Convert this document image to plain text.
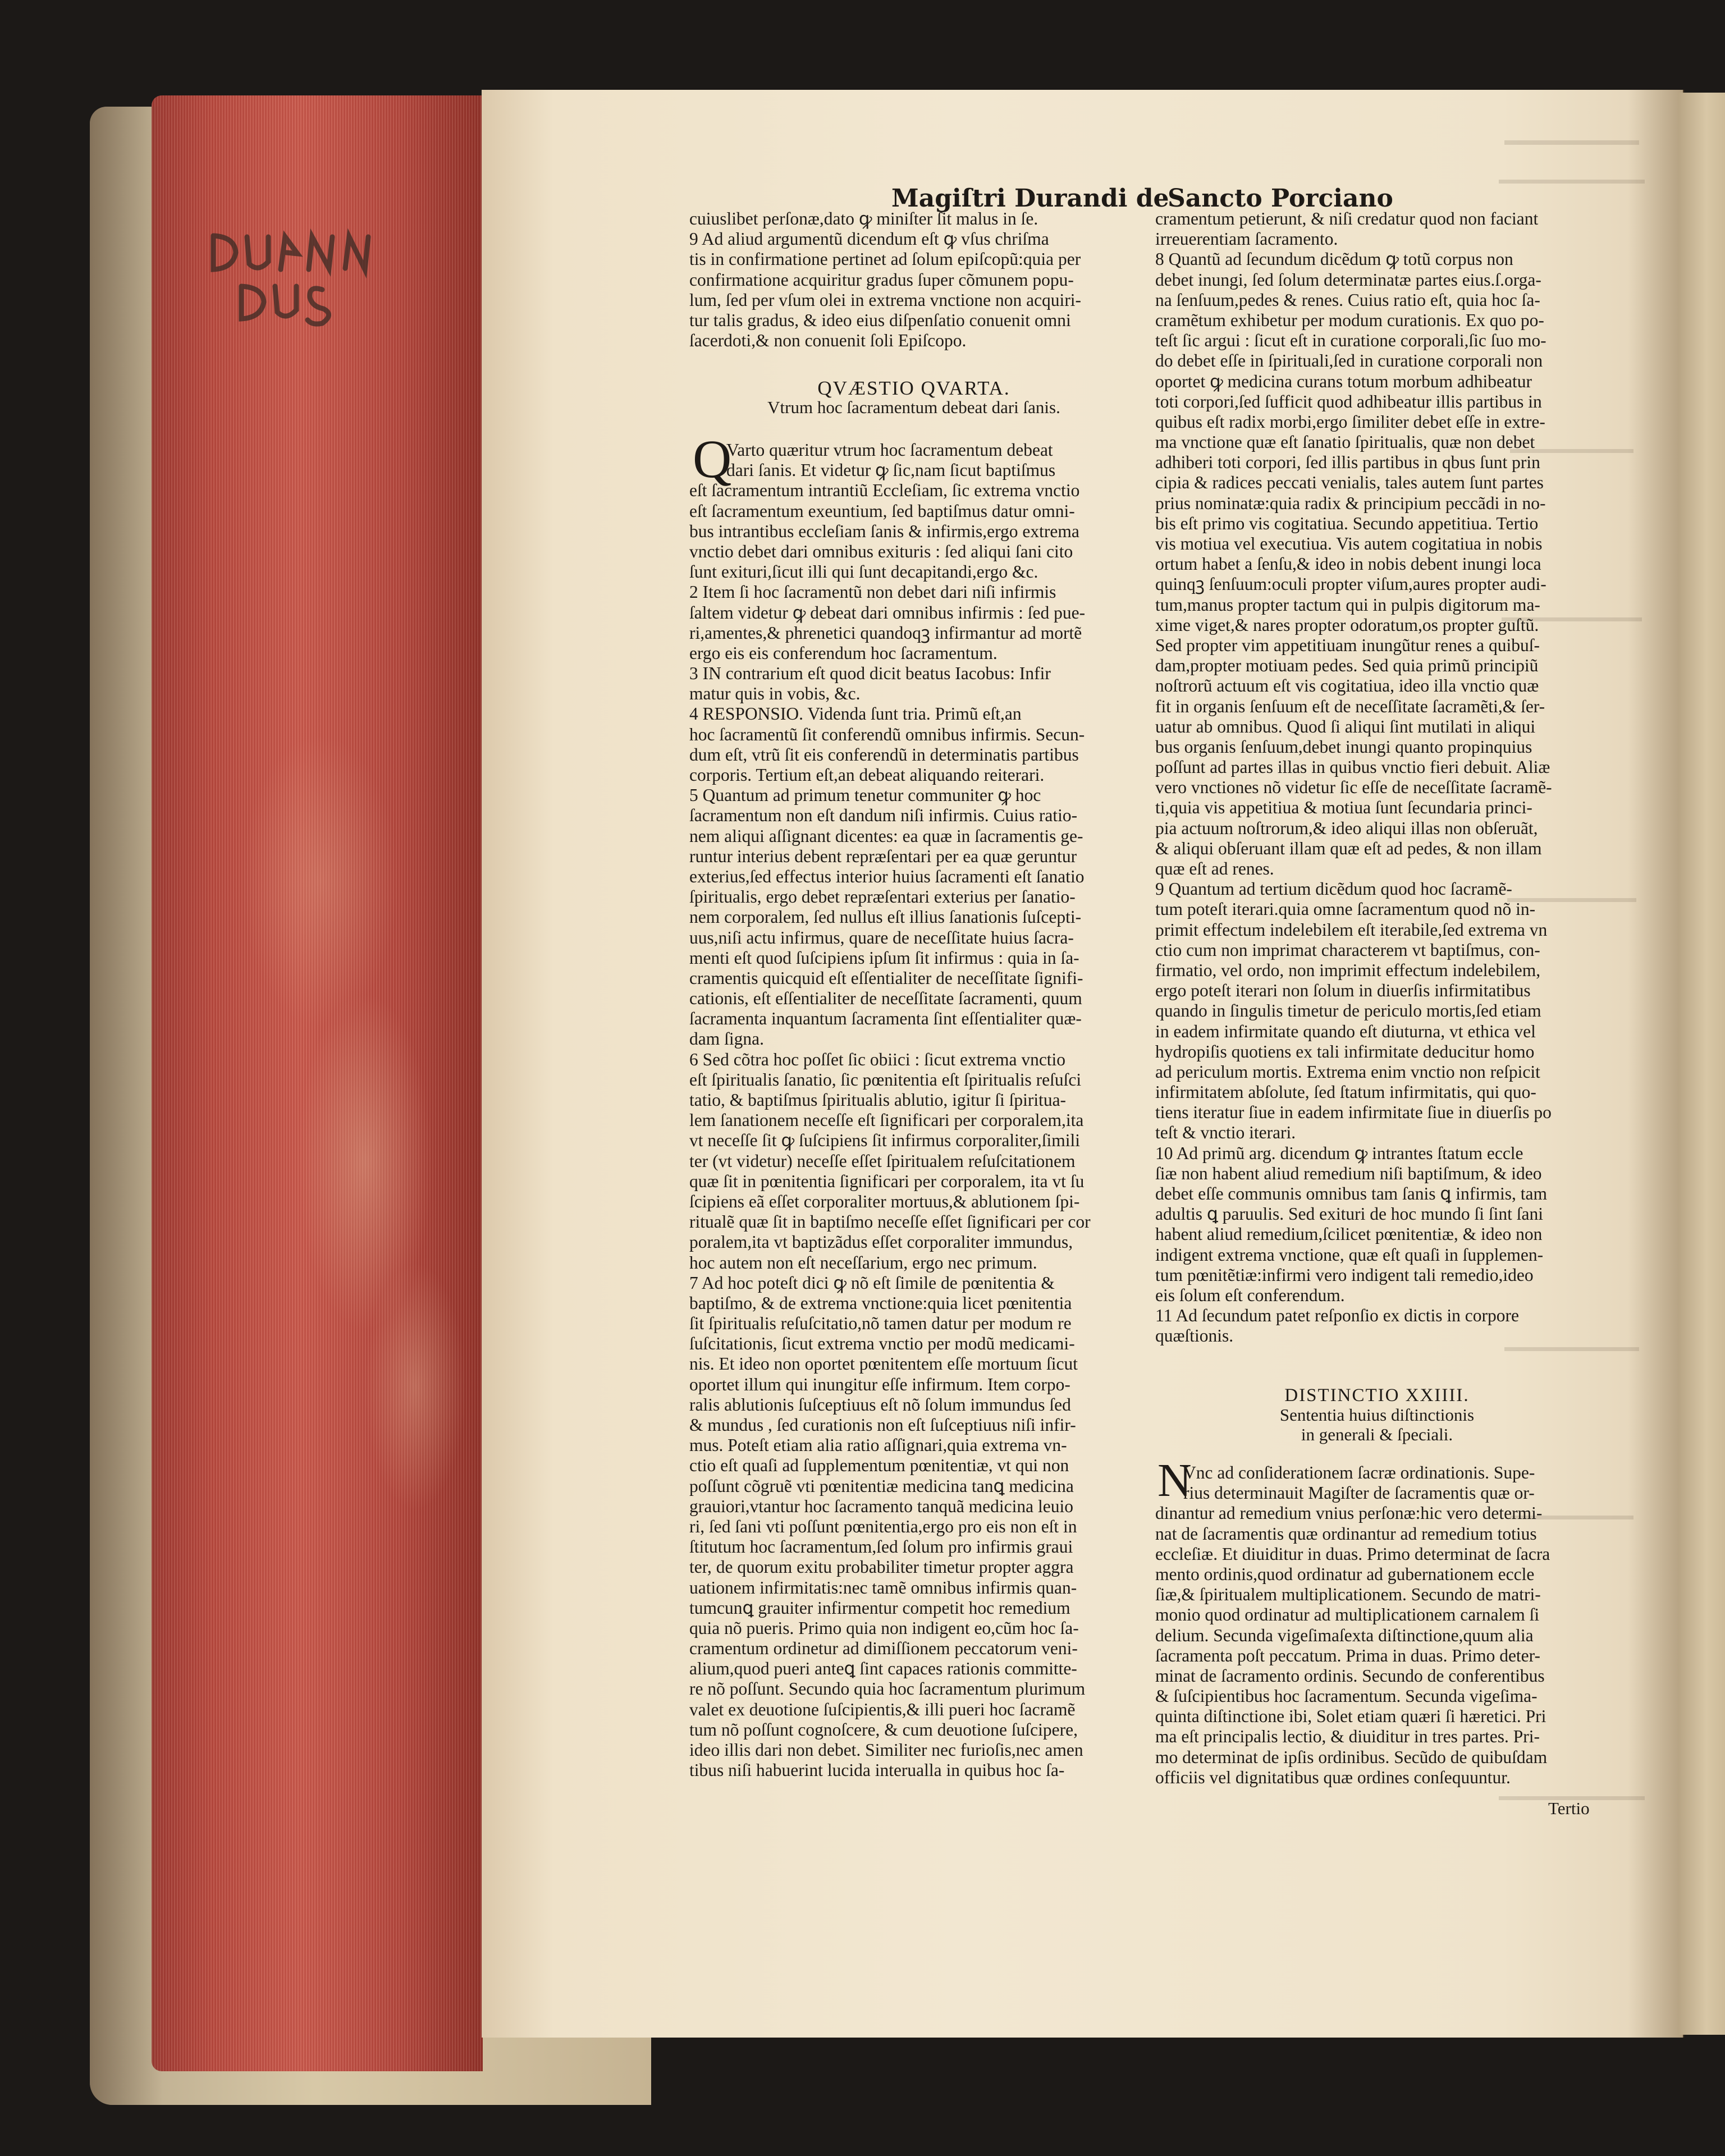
Magiſtri Durandi de
Sancto Porciano
cuiuslibet perſonæ,dato ꝙ miniſter ſit malus in ſe.
9 Ad aliud argumentũ dicendum eſt ꝙ vſus chriſma
tis in confirmatione pertinet ad ſolum epiſcopũ:quia per
confirmatione acquiritur gradus ſuper cõmunem popu-
lum, ſed per vſum olei in extrema vnctione non acquiri-
tur talis gradus, & ideo eius diſpenſatio conuenit omni
ſacerdoti,& non conuenit ſoli Epiſcopo.
QVÆSTIO QVARTA.
Vtrum hoc ſacramentum debeat dari ſanis.
Q
Varto quæritur vtrum hoc ſacramentum debeat
dari ſanis. Et videtur ꝙ ſic,nam ſicut baptiſmus
eſt ſacramentum intrantiũ Eccleſiam, ſic extrema vnctio
eſt ſacramentum exeuntium, ſed baptiſmus datur omni-
bus intrantibus eccleſiam ſanis & infirmis,ergo extrema
vnctio debet dari omnibus exituris : ſed aliqui ſani cito
ſunt exituri,ſicut illi qui ſunt decapitandi,ergo &c.
2 Item ſi hoc ſacramentũ non debet dari niſi infirmis
ſaltem videtur ꝙ debeat dari omnibus infirmis : ſed pue-
ri,amentes,& phrenetici quandoqꝫ infirmantur ad mortẽ
ergo eis eis conferendum hoc ſacramentum.
3 IN contrarium eſt quod dicit beatus Iacobus: Infir
matur quis in vobis, &c.
4 RESPONSIO. Videnda ſunt tria. Primũ eſt,an
hoc ſacramentũ ſit conferendũ omnibus infirmis. Secun-
dum eſt, vtrũ ſit eis conferendũ in determinatis partibus
corporis. Tertium eſt,an debeat aliquando reiterari.
5 Quantum ad primum tenetur communiter ꝙ hoc
ſacramentum non eſt dandum niſi infirmis. Cuius ratio-
nem aliqui aſſignant dicentes: ea quæ in ſacramentis ge-
runtur interius debent repræſentari per ea quæ geruntur
exterius,ſed effectus interior huius ſacramenti eſt ſanatio
ſpiritualis, ergo debet repræſentari exterius per ſanatio-
nem corporalem, ſed nullus eſt illius ſanationis ſuſcepti-
uus,niſi actu infirmus, quare de neceſſitate huius ſacra-
menti eſt quod ſuſcipiens ipſum ſit infirmus : quia in ſa-
cramentis quicquid eſt eſſentialiter de neceſſitate ſignifi-
cationis, eſt eſſentialiter de neceſſitate ſacramenti, quum
ſacramenta inquantum ſacramenta ſint eſſentialiter quæ-
dam ſigna.
6 Sed cõtra hoc poſſet ſic obiici : ſicut extrema vnctio
eſt ſpiritualis ſanatio, ſic pœnitentia eſt ſpiritualis reſuſci
tatio, & baptiſmus ſpiritualis ablutio, igitur ſi ſpiritua-
lem ſanationem neceſſe eſt ſignificari per corporalem,ita
vt neceſſe ſit ꝙ ſuſcipiens ſit infirmus corporaliter,ſimili
ter (vt videtur) neceſſe eſſet ſpiritualem reſuſcitationem
quæ ſit in pœnitentia ſignificari per corporalem, ita vt ſu
ſcipiens eã eſſet corporaliter mortuus,& ablutionem ſpi-
ritualẽ quæ ſit in baptiſmo neceſſe eſſet ſignificari per cor
poralem,ita vt baptizãdus eſſet corporaliter immundus,
hoc autem non eſt neceſſarium, ergo nec primum.
7 Ad hoc poteſt dici ꝙ nõ eſt ſimile de pœnitentia &
baptiſmo, & de extrema vnctione:quia licet pœnitentia
ſit ſpiritualis reſuſcitatio,nõ tamen datur per modum re
ſuſcitationis, ſicut extrema vnctio per modũ medicami-
nis. Et ideo non oportet pœnitentem eſſe mortuum ſicut
oportet illum qui inungitur eſſe infirmum. Item corpo-
ralis ablutionis ſuſceptiuus eſt nõ ſolum immundus ſed
& mundus , ſed curationis non eſt ſuſceptiuus niſi infir-
mus. Poteſt etiam alia ratio aſſignari,quia extrema vn-
ctio eſt quaſi ad ſupplementum pœnitentiæ, vt qui non
poſſunt cõgruẽ vti pœnitentiæ medicina tanꝗ medicina
grauiori,vtantur hoc ſacramento tanquã medicina leuio
ri, ſed ſani vti poſſunt pœnitentia,ergo pro eis non eſt in
ſtitutum hoc ſacramentum,ſed ſolum pro infirmis graui
ter, de quorum exitu probabiliter timetur propter aggra
uationem infirmitatis:nec tamẽ omnibus infirmis quan-
tumcunꝗ grauiter infirmentur competit hoc remedium
quia nõ pueris. Primo quia non indigent eo,cũm hoc ſa-
cramentum ordinetur ad dimiſſionem peccatorum veni-
alium,quod pueri anteꝗ ſint capaces rationis committe-
re nõ poſſunt. Secundo quia hoc ſacramentum plurimum
valet ex deuotione ſuſcipientis,& illi pueri hoc ſacramẽ
tum nõ poſſunt cognoſcere, & cum deuotione ſuſcipere,
ideo illis dari non debet. Similiter nec furioſis,nec amen
tibus niſi habuerint lucida interualla in quibus hoc ſa-
cramentum petierunt, & niſi credatur quod non faciant
irreuerentiam ſacramento.
8 Quantũ ad ſecundum dicẽdum ꝙ totũ corpus non
debet inungi, ſed ſolum determinatæ partes eius.ſ.orga-
na ſenſuum,pedes & renes. Cuius ratio eſt, quia hoc ſa-
cramẽtum exhibetur per modum curationis. Ex quo po-
teſt ſic argui : ſicut eſt in curatione corporali,ſic ſuo mo-
do debet eſſe in ſpirituali,ſed in curatione corporali non
oportet ꝙ medicina curans totum morbum adhibeatur
toti corpori,ſed ſufficit quod adhibeatur illis partibus in
quibus eſt radix morbi,ergo ſimiliter debet eſſe in extre-
ma vnctione quæ eſt ſanatio ſpiritualis, quæ non debet
adhiberi toti corpori, ſed illis partibus in qbus ſunt prin
cipia & radices peccati venialis, tales autem ſunt partes
prius nominatæ:quia radix & principium peccãdi in no-
bis eſt primo vis cogitatiua. Secundo appetitiua. Tertio
vis motiua vel executiua. Vis autem cogitatiua in nobis
ortum habet a ſenſu,& ideo in nobis debent inungi loca
quinqꝫ ſenſuum:oculi propter viſum,aures propter audi-
tum,manus propter tactum qui in pulpis digitorum ma-
xime viget,& nares propter odoratum,os propter guſtũ.
Sed propter vim appetitiuam inungũtur renes a quibuſ-
dam,propter motiuam pedes. Sed quia primũ principiũ
noſtrorũ actuum eſt vis cogitatiua, ideo illa vnctio quæ
fit in organis ſenſuum eſt de neceſſitate ſacramẽti,& ſer-
uatur ab omnibus. Quod ſi aliqui ſint mutilati in aliqui
bus organis ſenſuum,debet inungi quanto propinquius
poſſunt ad partes illas in quibus vnctio fieri debuit. Aliæ
vero vnctiones nõ videtur ſic eſſe de neceſſitate ſacramẽ-
ti,quia vis appetitiua & motiua ſunt ſecundaria princi-
pia actuum noſtrorum,& ideo aliqui illas non obſeruãt,
& aliqui obſeruant illam quæ eſt ad pedes, & non illam
quæ eſt ad renes.
9 Quantum ad tertium dicẽdum quod hoc ſacramẽ-
tum poteſt iterari.quia omne ſacramentum quod nõ in-
primit effectum indelebilem eſt iterabile,ſed extrema vn
ctio cum non imprimat characterem vt baptiſmus, con-
firmatio, vel ordo, non imprimit effectum indelebilem,
ergo poteſt iterari non ſolum in diuerſis infirmitatibus
quando in ſingulis timetur de periculo mortis,ſed etiam
in eadem infirmitate quando eſt diuturna, vt ethica vel
hydropiſis quotiens ex tali infirmitate deducitur homo
ad periculum mortis. Extrema enim vnctio non reſpicit
infirmitatem abſolute, ſed ſtatum infirmitatis, qui quo-
tiens iteratur ſiue in eadem infirmitate ſiue in diuerſis po
teſt & vnctio iterari.
10 Ad primũ arg. dicendum ꝙ intrantes ſtatum eccle
ſiæ non habent aliud remedium niſi baptiſmum, & ideo
debet eſſe communis omnibus tam ſanis ꝗ infirmis, tam
adultis ꝗ paruulis. Sed exituri de hoc mundo ſi ſint ſani
habent aliud remedium,ſcilicet pœnitentiæ, & ideo non
indigent extrema vnctione, quæ eſt quaſi in ſupplemen-
tum pœnitẽtiæ:infirmi vero indigent tali remedio,ideo
eis ſolum eſt conferendum.
11 Ad ſecundum patet reſponſio ex dictis in corpore
quæſtionis.
DISTINCTIO XXIIII.
Sententia huius diſtinctionis
in generali & ſpeciali.
N
Vnc ad conſiderationem ſacræ ordinationis. Supe-
rius determinauit Magiſter de ſacramentis quæ or-
dinantur ad remedium vnius perſonæ:hic vero determi-
nat de ſacramentis quæ ordinantur ad remedium totius
eccleſiæ. Et diuiditur in duas. Primo determinat de ſacra
mento ordinis,quod ordinatur ad gubernationem eccle
ſiæ,& ſpiritualem multiplicationem. Secundo de matri-
monio quod ordinatur ad multiplicationem carnalem ſi
delium. Secunda vigeſimaſexta diſtinctione,quum alia
ſacramenta poſt peccatum. Prima in duas. Primo deter-
minat de ſacramento ordinis. Secundo de conferentibus
& ſuſcipientibus hoc ſacramentum. Secunda vigeſima-
quinta diſtinctione ibi, Solet etiam quæri ſi hæretici. Pri
ma eſt principalis lectio, & diuiditur in tres partes. Pri-
mo determinat de ipſis ordinibus. Secũdo de quibuſdam
officiis vel dignitatibus quæ ordines conſequuntur.
Tertio
